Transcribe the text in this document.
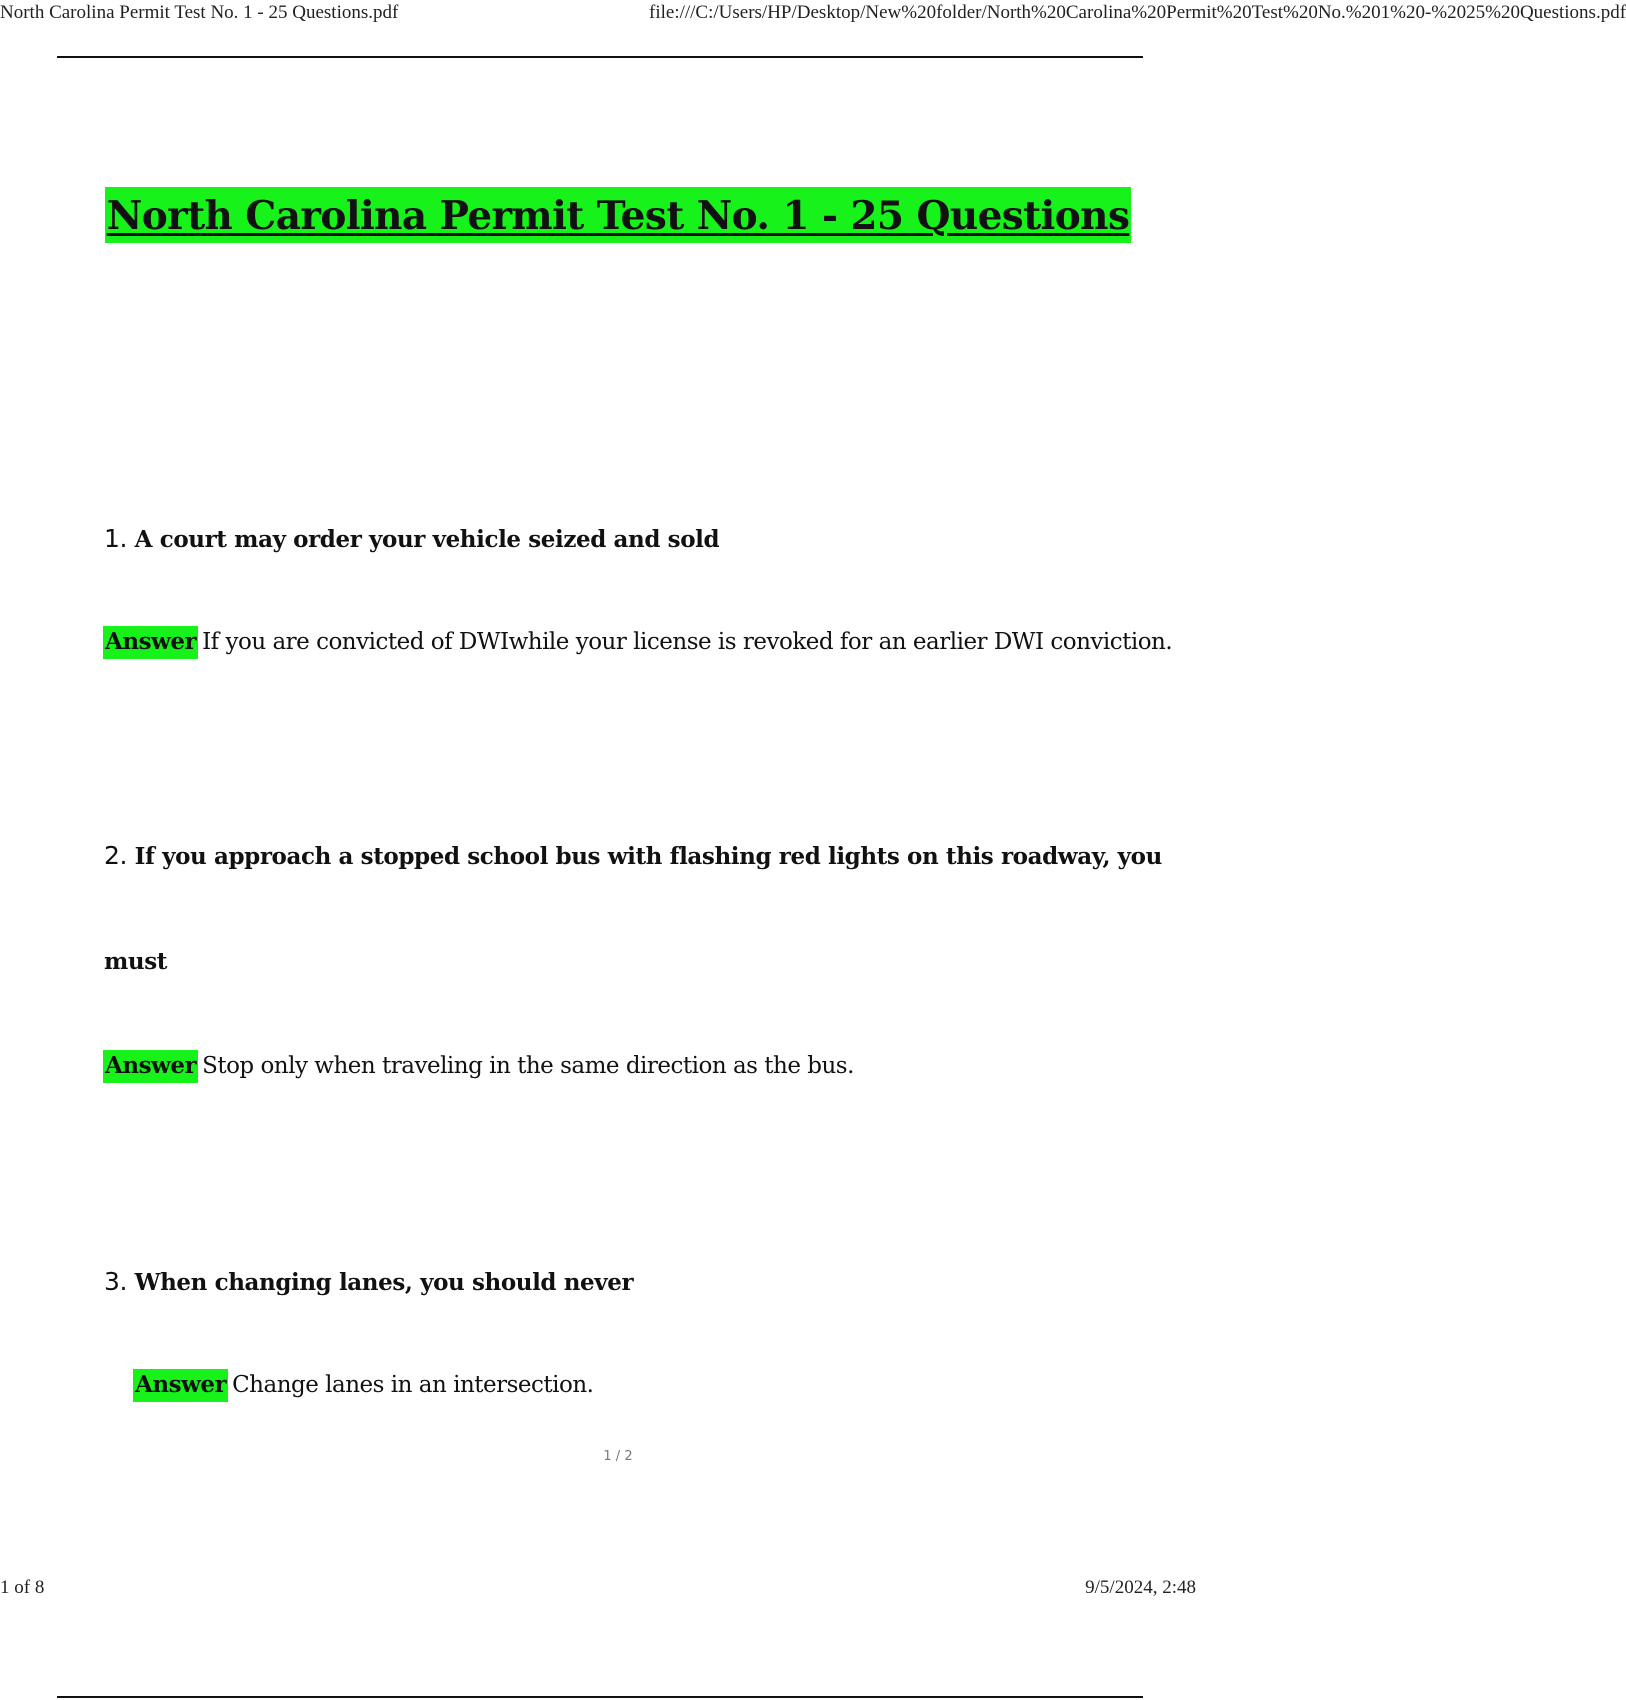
North Carolina Permit Test No. 1 - 25 Questions.pdf	file:///C:/Users/HP/Desktop/New%20folder/North%20Carolina%20Permit%20Test%20No.%201%20-%2025%20Questions.pdf
North Carolina Permit Test No. 1 - 25 Questions
1. A court may order your vehicle seized and sold
Answer If you are convicted of DWIwhile your license is revoked for an earlier DWI conviction.
2. If you approach a stopped school bus with flashing red lights on this roadway, you
must
Answer Stop only when traveling in the same direction as the bus.
3. When changing lanes, you should never
Answer Change lanes in an intersection.
1 / 2
1 of 8	9/5/2024, 2:48
